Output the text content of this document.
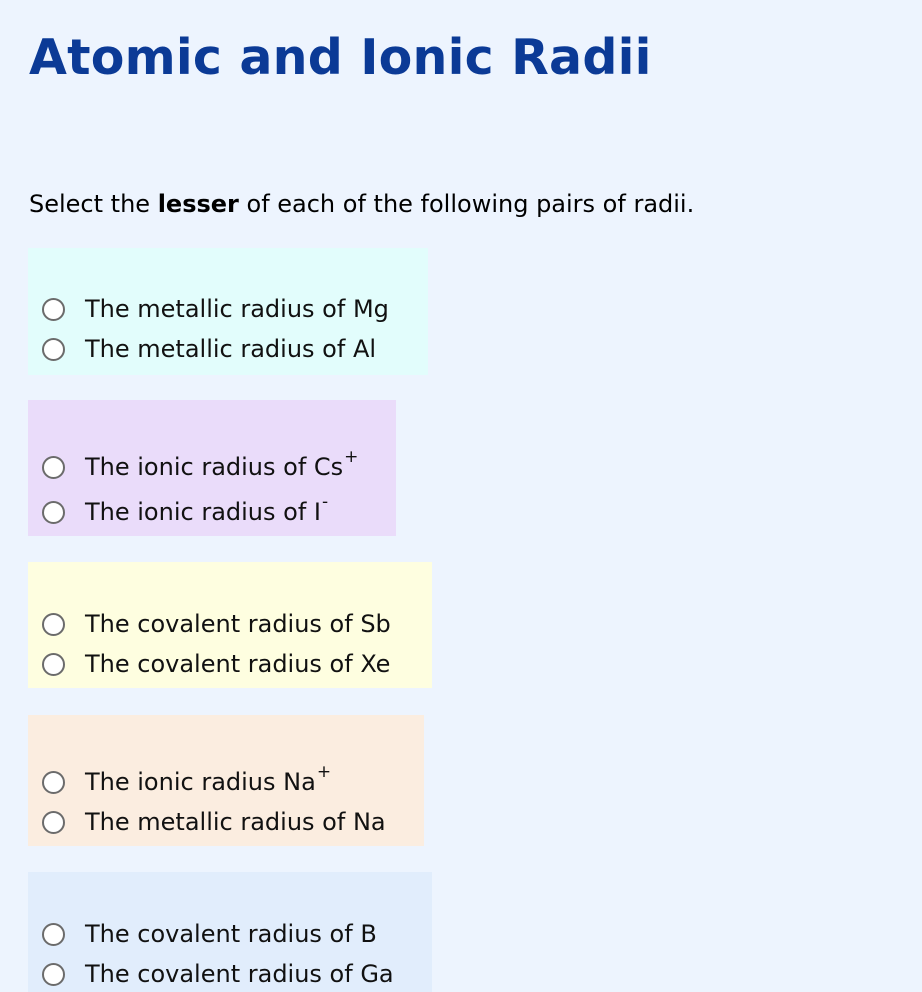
Atomic and Ionic Radii
Select the lesser of each of the following pairs of radii.
The metallic radius of Mg
The metallic radius of Al
The ionic radius of Cs+
The ionic radius of I-
The covalent radius of Sb
The covalent radius of Xe
The ionic radius Na+
The metallic radius of Na
The covalent radius of B
The covalent radius of Ga
